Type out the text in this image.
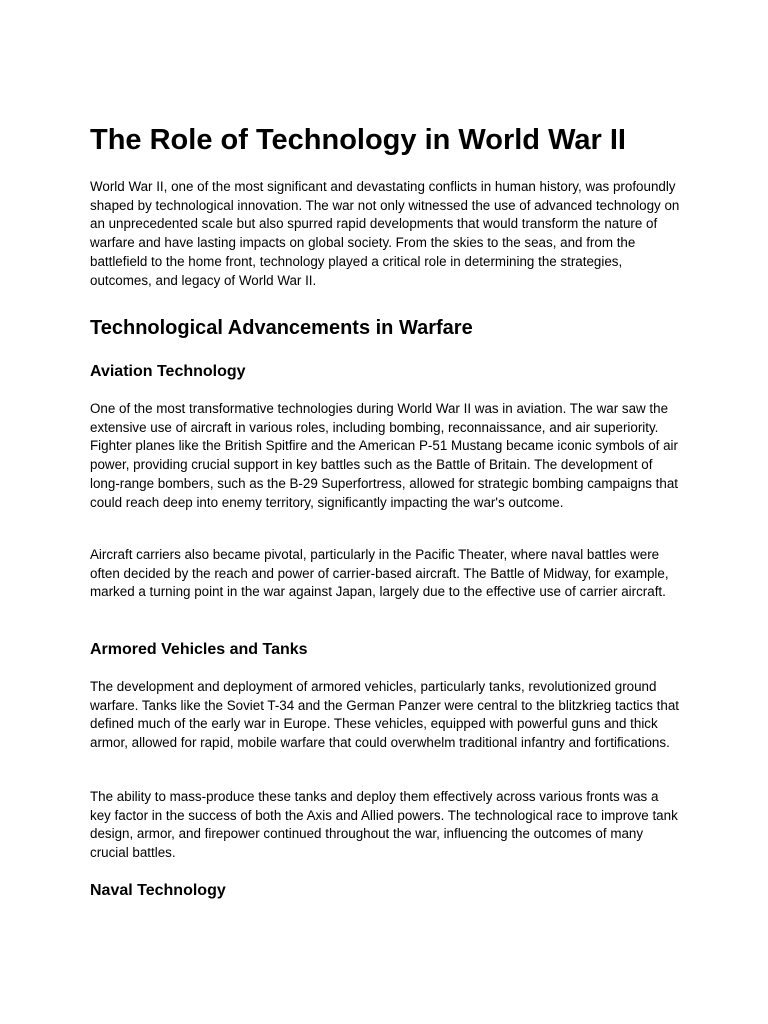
The Role of Technology in World War II

World War II, one of the most significant and devastating conflicts in human history, was profoundly shaped by technological innovation. The war not only witnessed the use of advanced technology on an unprecedented scale but also spurred rapid developments that would transform the nature of warfare and have lasting impacts on global society. From the skies to the seas, and from the battlefield to the home front, technology played a critical role in determining the strategies, outcomes, and legacy of World War II.

Technological Advancements in Warfare
Aviation Technology

One of the most transformative technologies during World War II was in aviation. The war saw the extensive use of aircraft in various roles, including bombing, reconnaissance, and air superiority. Fighter planes like the British Spitfire and the American P-51 Mustang became iconic symbols of air power, providing crucial support in key battles such as the Battle of Britain. The development of long-range bombers, such as the B-29 Superfortress, allowed for strategic bombing campaigns that could reach deep into enemy territory, significantly impacting the war's outcome.

Aircraft carriers also became pivotal, particularly in the Pacific Theater, where naval battles were often decided by the reach and power of carrier-based aircraft. The Battle of Midway, for example, marked a turning point in the war against Japan, largely due to the effective use of carrier aircraft.

Armored Vehicles and Tanks

The development and deployment of armored vehicles, particularly tanks, revolutionized ground warfare. Tanks like the Soviet T-34 and the German Panzer were central to the blitzkrieg tactics that defined much of the early war in Europe. These vehicles, equipped with powerful guns and thick armor, allowed for rapid, mobile warfare that could overwhelm traditional infantry and fortifications.

The ability to mass-produce these tanks and deploy them effectively across various fronts was a key factor in the success of both the Axis and Allied powers. The technological race to improve tank design, armor, and firepower continued throughout the war, influencing the outcomes of many crucial battles.

Naval Technology
